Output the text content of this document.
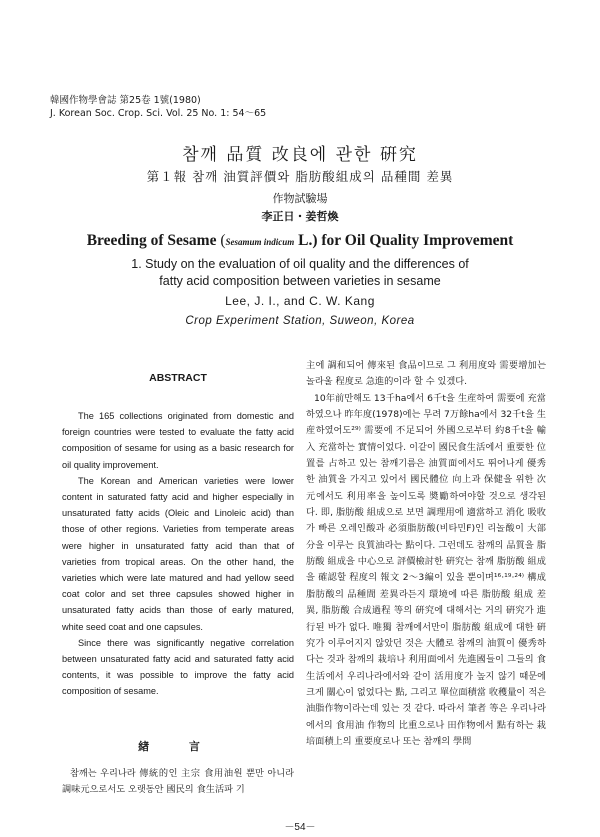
韓國作物學會誌 第25卷 1號(1980)
J. Korean Soc. Crop. Sci. Vol. 25 No. 1: 54～65
참깨 品質 改良에 관한 硏究
第１報 참깨 油質評價와 脂肪酸組成의 品種間 差異
作物試驗場
李正日・姜哲煥
Breeding of Sesame (Sesamum indicum L.) for Oil Quality Improvement
1. Study on the evaluation of oil quality and the differences of
fatty acid composition between varieties in sesame
Lee, J. I., and C. W. Kang
Crop Experiment Station, Suweon, Korea
ABSTRACT

The 165 collections originated from domestic and foreign countries were tested to evaluate the fatty acid composition of sesame for using as a basic research for oil quality improvement.

The Korean and American varieties were lower content in saturated fatty acid and higher especially in unsaturated fatty acids (Oleic and Linoleic acid) than those of other regions. Varieties from temperate areas were higher in unsaturated fatty acid than that of varieties from tropical areas. On the other hand, the varieties which were late matured and had yellow seed coat color and set three capsules showed higher in unsaturated fatty acids than those of early matured, white seed coat and one capsules.

Since there was significantly negative correlation between unsaturated fatty acid and saturated fatty acid contents, it was possible to improve the fatty acid composition of sesame.

緖 言

참깨는 우리나라 傳統的인 主宗 食用油원 뿐만 아니라 調味元으로서도 오랫동안 國民의 食生活파 기

主에 調和되어 傳來된 食品이므로 그 利用度와 需要增加는 놀라울 程度로 急進的이라 할 수 있겠다.

10年前만해도 13千ha에서 6千t을 生産하여 需要에 充當하였으나 昨年度(1978)에는 무려 7万餘ha에서 32千t을 生産하였어도²⁹⁾ 需要에 不足되어 外國으로부터 約8千t을 輸入 充當하는 實情이었다. 이같이 國民食生活에서 重要한 位置를 占하고 있는 참깨기름은 油質面에서도 뛰어나게 優秀한 油質을 가지고 있어서 國民體位 向上과 保健을 위한 次元에서도 利用率을 높이도록 奬勵하여야할 것으로 생각된다. 即, 脂肪酸 組成으로 보면 調理用에 適當하고 消化 吸收가 빠른 오레인酸과 必須脂肪酸(비타민F)인 리놀酸이 大部分을 이루는 良質油라는 點이다. 그런데도 참깨의 品質을 脂肪酸 組成을 中心으로 評價檢討한 硏究는 참깨 脂肪酸 組成을 確認할 程度의 報文 2～3編이 있을 뿐이며¹⁶·¹⁹·²⁴⁾ 構成 脂肪酸의 品種間 差異라든지 環境에 따른 脂肪酸 組成 差異, 脂肪酸 合成過程 等의 硏究에 대해서는 거의 硏究가 進行된 바가 없다. 唯獨 참깨에서만이 脂肪酸 組成에 대한 硏究가 이루어지지 않았던 것은 大體로 참깨의 油質이 優秀하다는 것과 참깨의 栽培나 利用面에서 先進國들이 그들의 食生活에서 우리나라에서와 같이 活用度가 높지 않기 때문에 크게 關心이 없었다는 點, 그리고 單位面積當 收穫量이 적은 油脂作物이라는데 있는 것 같다. 따라서 筆者 等은 우리나라에서의 食用油 作物의 比重으로나 田作物에서 點有하는 栽培面積上의 重要度로나 또는 참깨의 學問

－54－
